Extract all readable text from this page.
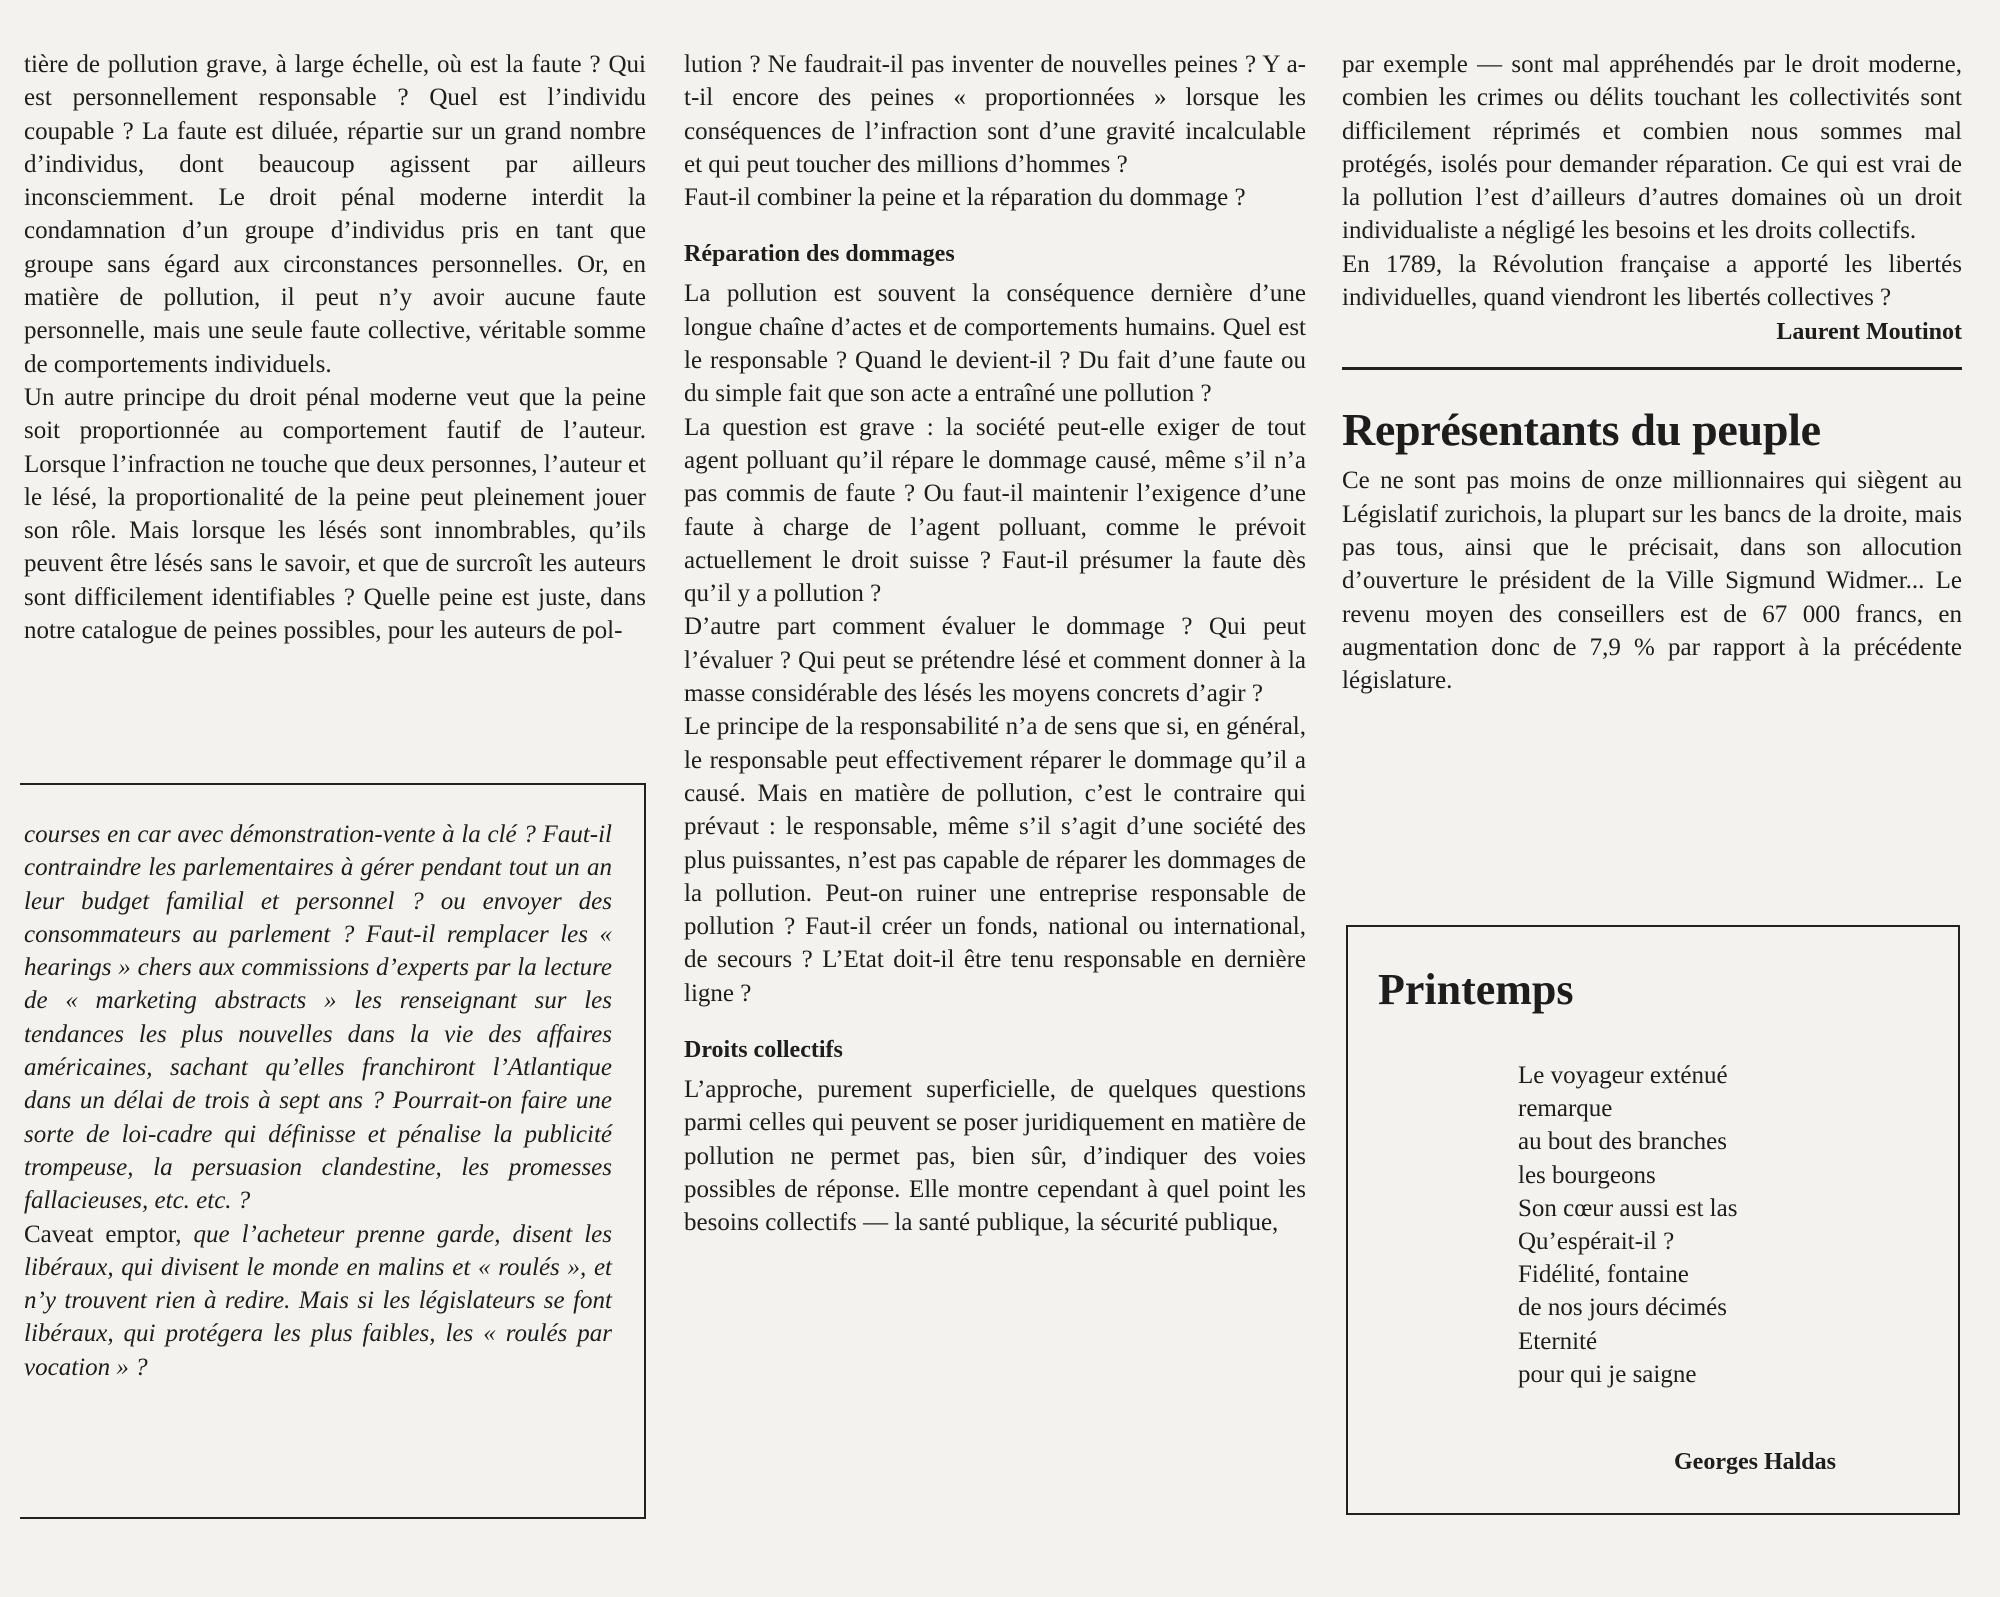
tière de pollution grave, à large échelle, où est la faute ? Qui est personnellement responsable ? Quel est l’individu coupable ? La faute est diluée, répartie sur un grand nombre d’individus, dont beaucoup agissent par ailleurs inconsciemment. Le droit pénal moderne interdit la condamnation d’un groupe d’individus pris en tant que groupe sans égard aux circonstances personnelles. Or, en matière de pollution, il peut n’y avoir aucune faute personnelle, mais une seule faute collective, véritable somme de comportements individuels.

Un autre principe du droit pénal moderne veut que la peine soit proportionnée au comportement fautif de l’auteur. Lorsque l’infraction ne touche que deux personnes, l’auteur et le lésé, la proportionalité de la peine peut pleinement jouer son rôle. Mais lorsque les lésés sont innombrables, qu’ils peuvent être lésés sans le savoir, et que de surcroît les auteurs sont difficilement identifiables ? Quelle peine est juste, dans notre catalogue de peines possibles, pour les auteurs de pol-

courses en car avec démonstration-vente à la clé ? Faut-il contraindre les parlementaires à gérer pendant tout un an leur budget familial et personnel ? ou envoyer des consommateurs au parlement ? Faut-il remplacer les « hearings » chers aux commissions d’experts par la lecture de « marketing abstracts » les renseignant sur les tendances les plus nouvelles dans la vie des affaires américaines, sachant qu’elles franchiront l’Atlantique dans un délai de trois à sept ans ? Pourrait-on faire une sorte de loi-cadre qui définisse et pénalise la publicité trompeuse, la persuasion clandestine, les promesses fallacieuses, etc. etc. ?

Caveat emptor, que l’acheteur prenne garde, disent les libéraux, qui divisent le monde en malins et « roulés », et n’y trouvent rien à redire. Mais si les législateurs se font libéraux, qui protégera les plus faibles, les « roulés par vocation » ?

lution ? Ne faudrait-il pas inventer de nouvelles peines ? Y a-t-il encore des peines « proportionnées » lorsque les conséquences de l’infraction sont d’une gravité incalculable et qui peut toucher des millions d’hommes ?

Faut-il combiner la peine et la réparation du dommage ?

Réparation des dommages

La pollution est souvent la conséquence dernière d’une longue chaîne d’actes et de comportements humains. Quel est le responsable ? Quand le devient-il ? Du fait d’une faute ou du simple fait que son acte a entraîné une pollution ?

La question est grave : la société peut-elle exiger de tout agent polluant qu’il répare le dommage causé, même s’il n’a pas commis de faute ? Ou faut-il maintenir l’exigence d’une faute à charge de l’agent polluant, comme le prévoit actuellement le droit suisse ? Faut-il présumer la faute dès qu’il y a pollution ?

D’autre part comment évaluer le dommage ? Qui peut l’évaluer ? Qui peut se prétendre lésé et comment donner à la masse considérable des lésés les moyens concrets d’agir ?

Le principe de la responsabilité n’a de sens que si, en général, le responsable peut effectivement réparer le dommage qu’il a causé. Mais en matière de pollution, c’est le contraire qui prévaut : le responsable, même s’il s’agit d’une société des plus puissantes, n’est pas capable de réparer les dommages de la pollution. Peut-on ruiner une entreprise responsable de pollution ? Faut-il créer un fonds, national ou international, de secours ? L’Etat doit-il être tenu responsable en dernière ligne ?

Droits collectifs

L’approche, purement superficielle, de quelques questions parmi celles qui peuvent se poser juridiquement en matière de pollution ne permet pas, bien sûr, d’indiquer des voies possibles de réponse. Elle montre cependant à quel point les besoins collectifs — la santé publique, la sécurité publique,

par exemple — sont mal appréhendés par le droit moderne, combien les crimes ou délits touchant les collectivités sont difficilement réprimés et combien nous sommes mal protégés, isolés pour demander réparation. Ce qui est vrai de la pollution l’est d’ailleurs d’autres domaines où un droit individualiste a négligé les besoins et les droits collectifs.

En 1789, la Révolution française a apporté les libertés individuelles, quand viendront les libertés collectives ?

Laurent Moutinot
Représentants du peuple

Ce ne sont pas moins de onze millionnaires qui siègent au Législatif zurichois, la plupart sur les bancs de la droite, mais pas tous, ainsi que le précisait, dans son allocution d’ouverture le président de la Ville Sigmund Widmer... Le revenu moyen des conseillers est de 67 000 francs, en augmentation donc de 7,9 % par rapport à la précédente législature.

Printemps
Le voyageur exténué
remarque
au bout des branches
les bourgeons
Son cœur aussi est las
Qu’espérait-il ?
Fidélité, fontaine
de nos jours décimés
Eternité
pour qui je saigne
Georges Haldas
